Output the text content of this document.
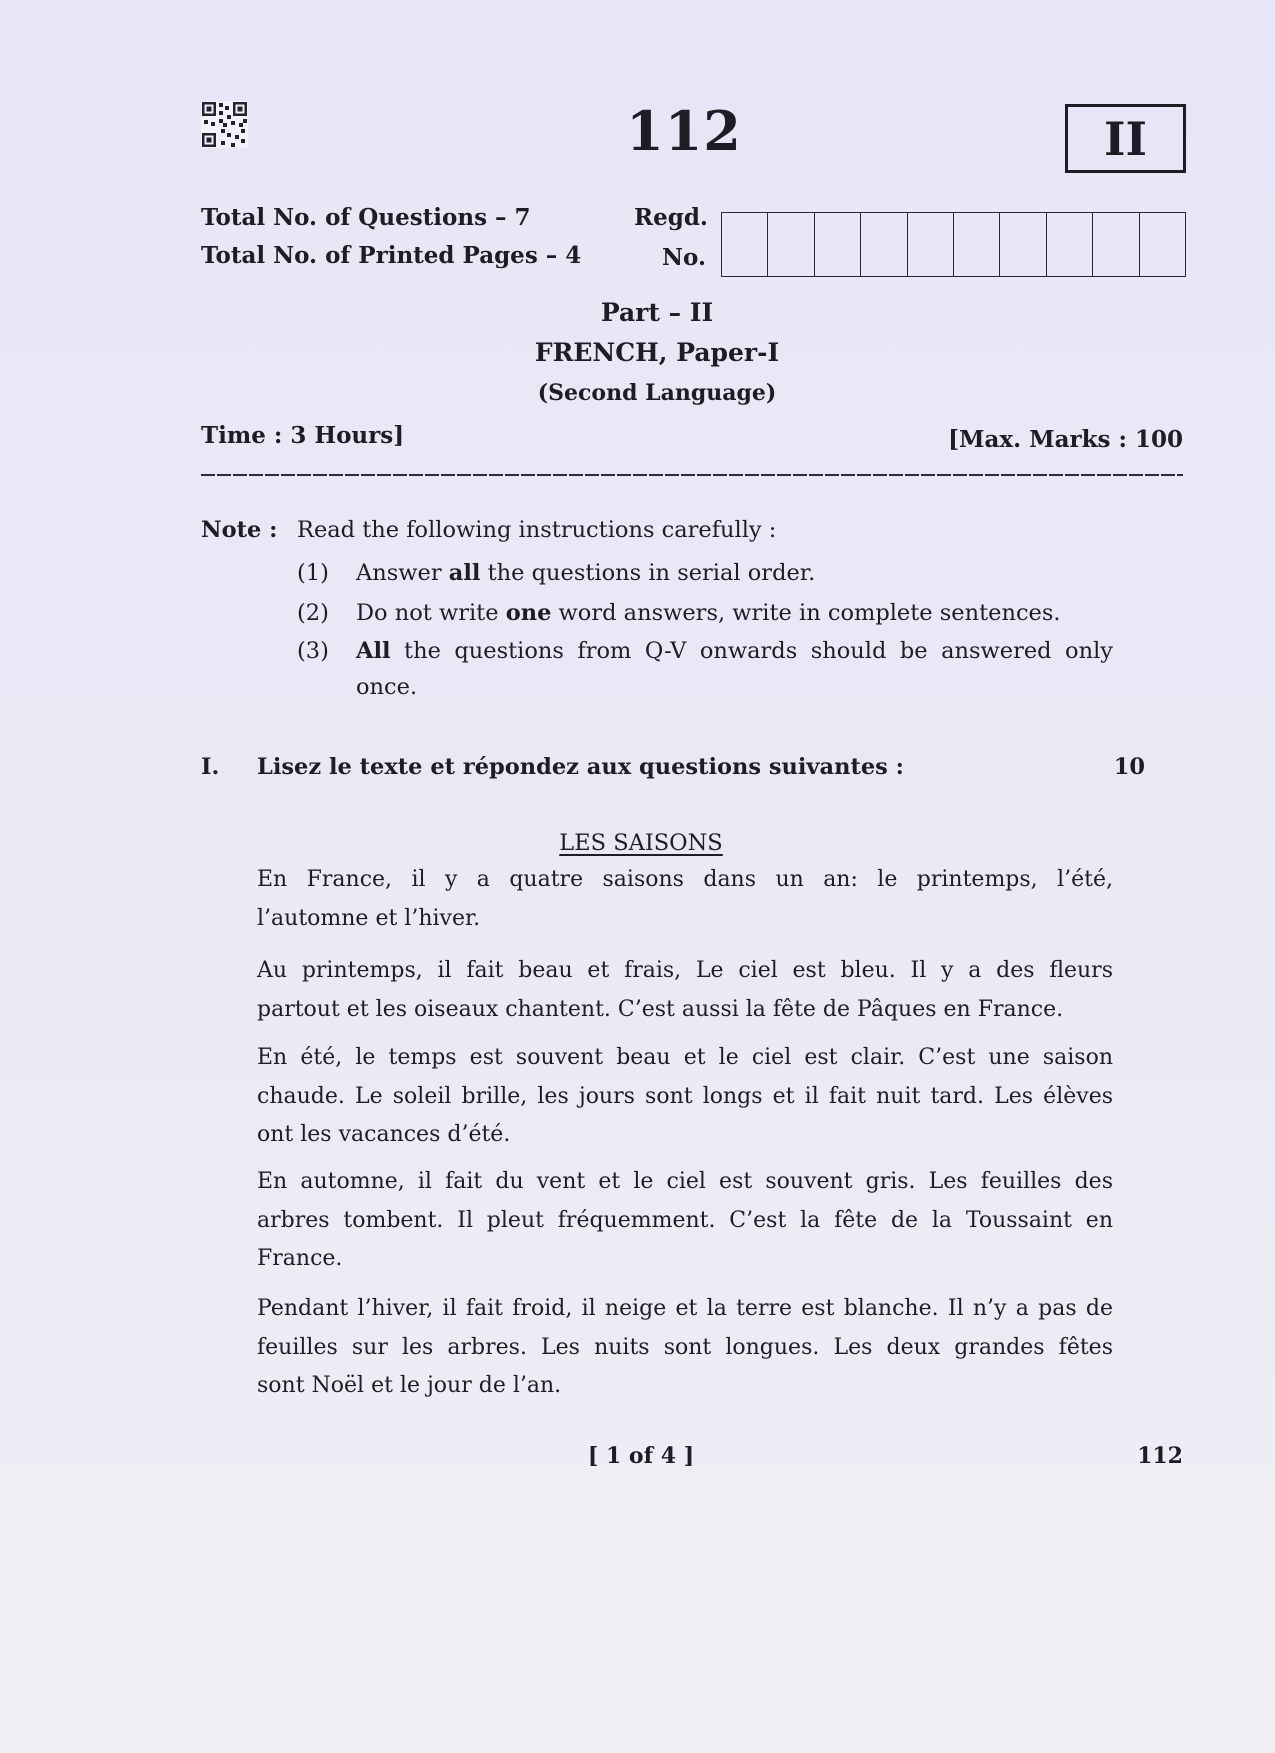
112	II
Total No. of Questions – 7
Total No. of Printed Pages – 4
Regd.
No.
Part – II
FRENCH, Paper-I
(Second Language)
Time : 3 Hours]	[Max. Marks : 100
Note : Read the following instructions carefully :
(1) Answer all the questions in serial order.
(2) Do not write one word answers, write in complete sentences.
(3) All the questions from Q-V onwards should be answered only
once.
I. Lisez le texte et répondez aux questions suivantes :	10
LES SAISONS
En France, il y a quatre saisons dans un an: le printemps, l’été,
l’automne et l’hiver.
Au printemps, il fait beau et frais, Le ciel est bleu. Il y a des fleurs
partout et les oiseaux chantent. C’est aussi la fête de Pâques en France.
En été, le temps est souvent beau et le ciel est clair. C’est une saison
chaude. Le soleil brille, les jours sont longs et il fait nuit tard. Les élèves
ont les vacances d’été.
En automne, il fait du vent et le ciel est souvent gris. Les feuilles des
arbres tombent. Il pleut fréquemment. C’est la fête de la Toussaint en
France.
Pendant l’hiver, il fait froid, il neige et la terre est blanche. Il n’y a pas de
feuilles sur les arbres. Les nuits sont longues. Les deux grandes fêtes
sont Noël et le jour de l’an.
[ 1 of 4 ]	112
